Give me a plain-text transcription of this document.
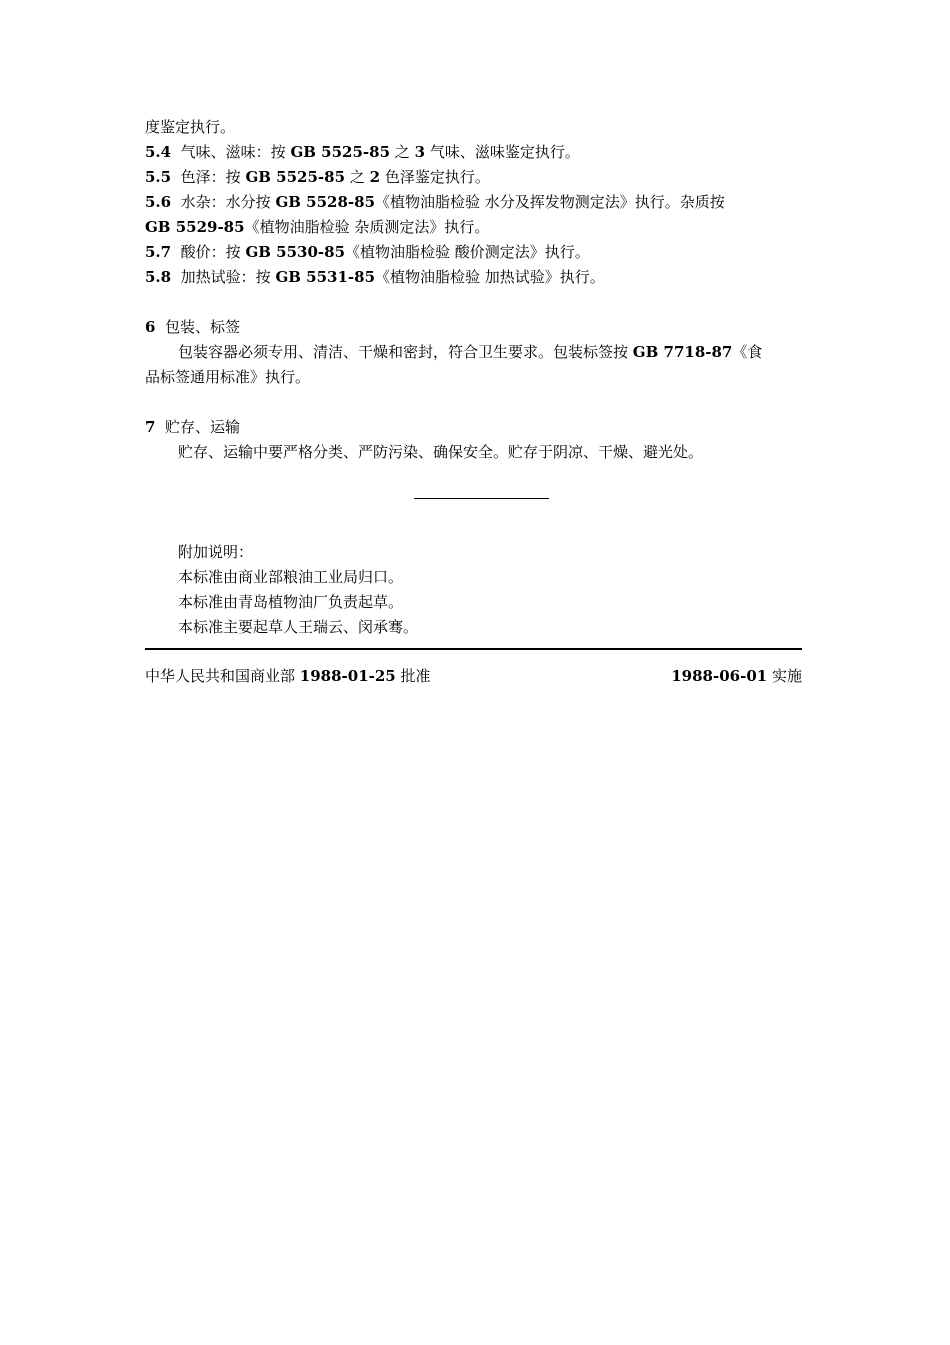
度鉴定执行。
5.4 气味、滋味：按 GB 5525-85 之 3 气味、滋味鉴定执行。
5.5 色泽：按 GB 5525-85 之 2 色泽鉴定执行。
5.6 水杂：水分按 GB 5528-85《植物油脂检验 水分及挥发物测定法》执行。杂质按
GB 5529-85《植物油脂检验 杂质测定法》执行。
5.7 酸价：按 GB 5530-85《植物油脂检验 酸价测定法》执行。
5.8 加热试验：按 GB 5531-85《植物油脂检验 加热试验》执行。
6 包装、标签
包装容器必须专用、清洁、干燥和密封，符合卫生要求。包装标签按 GB 7718-87《食
品标签通用标准》执行。
7 贮存、运输
贮存、运输中要严格分类、严防污染、确保安全。贮存于阴凉、干燥、避光处。
附加说明：
本标准由商业部粮油工业局归口。
本标准由青岛植物油厂负责起草。
本标准主要起草人王瑞云、闵承骞。
中华人民共和国商业部 1988-01-25 批准	1988-06-01 实施
